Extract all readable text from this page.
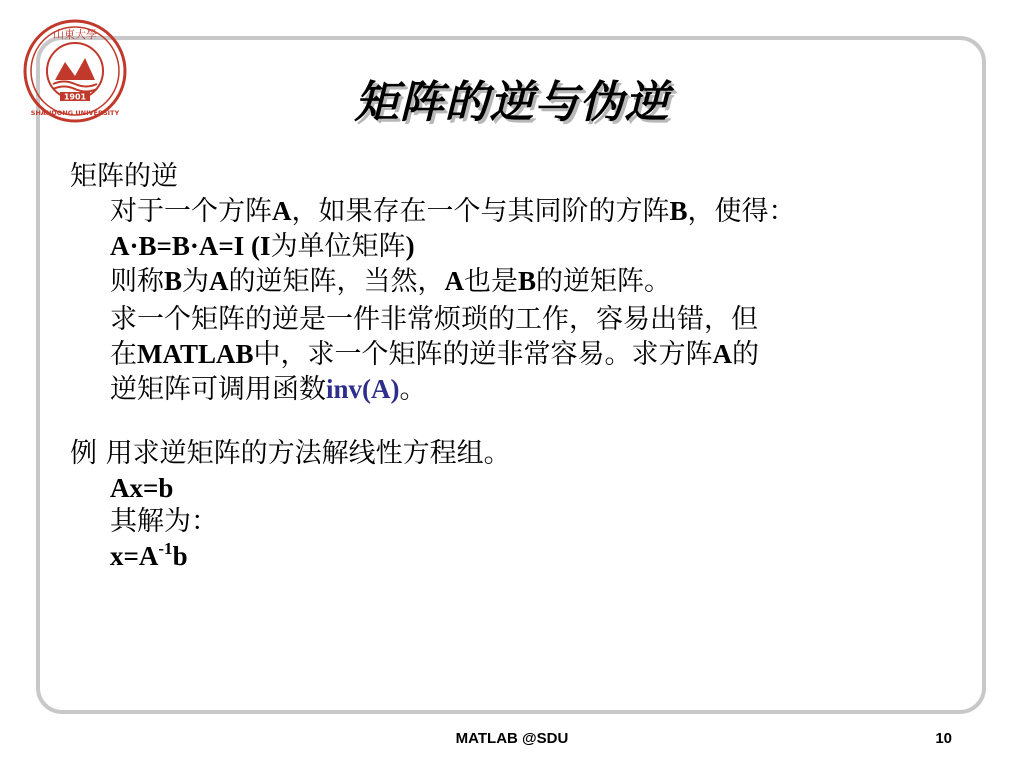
1901
山東大學
SHANDONG UNIVERSITY	矩阵的逆与伪逆
矩阵的逆
对于一个方阵A，如果存在一个与其同阶的方阵B，使得：
A·B=B·A=I (I为单位矩阵)
则称B为A的逆矩阵，当然，A也是B的逆矩阵。
求一个矩阵的逆是一件非常烦琐的工作，容易出错，但
在MATLAB中，求一个矩阵的逆非常容易。求方阵A的
逆矩阵可调用函数inv(A)。
例 用求逆矩阵的方法解线性方程组。
Ax=b
其解为：
$x=A^{-1}b$
MATLAB @SDU	10
